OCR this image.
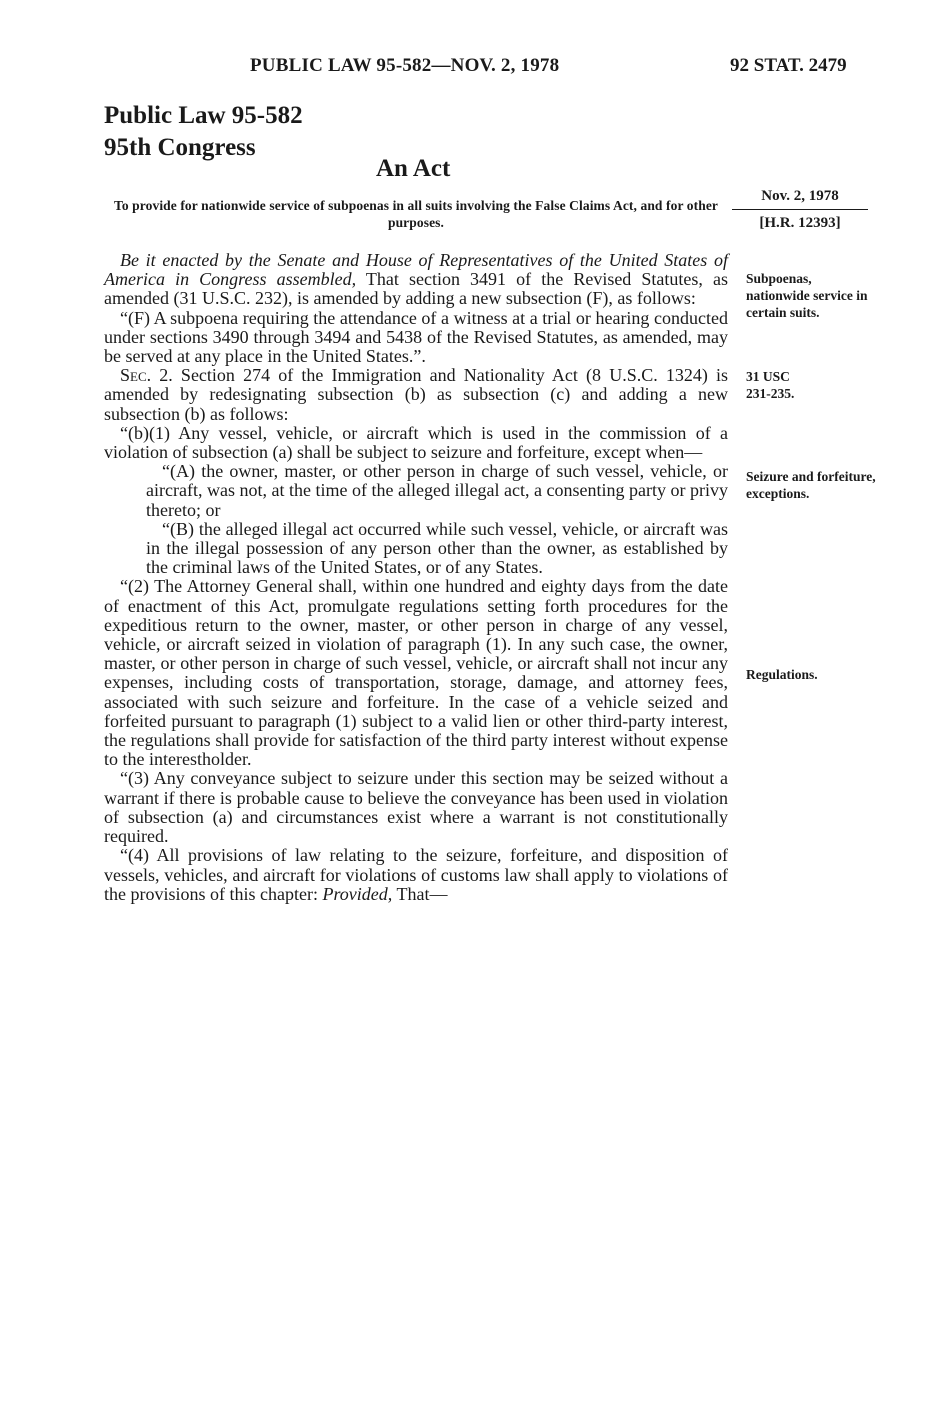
PUBLIC LAW 95-582—NOV. 2, 1978	92 STAT. 2479
Public Law 95-582
95th Congress
An Act
To provide for nationwide service of subpoenas in all suits involving the False Claims Act, and for other purposes.
Nov. 2, 1978
[H.R. 12393]
Subpoenas, nationwide service in certain suits.
31 USC
231-235.
Seizure and forfeiture, exceptions.
Regulations.

Be it enacted by the Senate and House of Representatives of the United States of America in Congress assembled, That section 3491 of the Revised Statutes, as amended (31 U.S.C. 232), is amended by adding a new subsection (F), as follows:

“(F) A subpoena requiring the attendance of a witness at a trial or hearing conducted under sections 3490 through 3494 and 5438 of the Revised Statutes, as amended, may be served at any place in the United States.”.

Sec. 2. Section 274 of the Immigration and Nationality Act (8 U.S.C. 1324) is amended by redesignating subsection (b) as subsection (c) and adding a new subsection (b) as follows:

“(b)(1) Any vessel, vehicle, or aircraft which is used in the commission of a violation of subsection (a) shall be subject to seizure and forfeiture, except when—

“(A) the owner, master, or other person in charge of such vessel, vehicle, or aircraft, was not, at the time of the alleged illegal act, a consenting party or privy thereto; or

“(B) the alleged illegal act occurred while such vessel, vehicle, or aircraft was in the illegal possession of any person other than the owner, as established by the criminal laws of the United States, or of any States.

“(2) The Attorney General shall, within one hundred and eighty days from the date of enactment of this Act, promulgate regulations setting forth procedures for the expeditious return to the owner, master, or other person in charge of any vessel, vehicle, or aircraft seized in violation of paragraph (1). In any such case, the owner, master, or other person in charge of such vessel, vehicle, or aircraft shall not incur any expenses, including costs of transportation, storage, damage, and attorney fees, associated with such seizure and forfeiture. In the case of a vehicle seized and forfeited pursuant to paragraph (1) subject to a valid lien or other third-party interest, the regulations shall provide for satisfaction of the third party interest without expense to the interestholder.

“(3) Any conveyance subject to seizure under this section may be seized without a warrant if there is probable cause to believe the conveyance has been used in violation of subsection (a) and circumstances exist where a warrant is not constitutionally required.

“(4) All provisions of law relating to the seizure, forfeiture, and disposition of vessels, vehicles, and aircraft for violations of customs law shall apply to violations of the provisions of this chapter: Provided, That—
